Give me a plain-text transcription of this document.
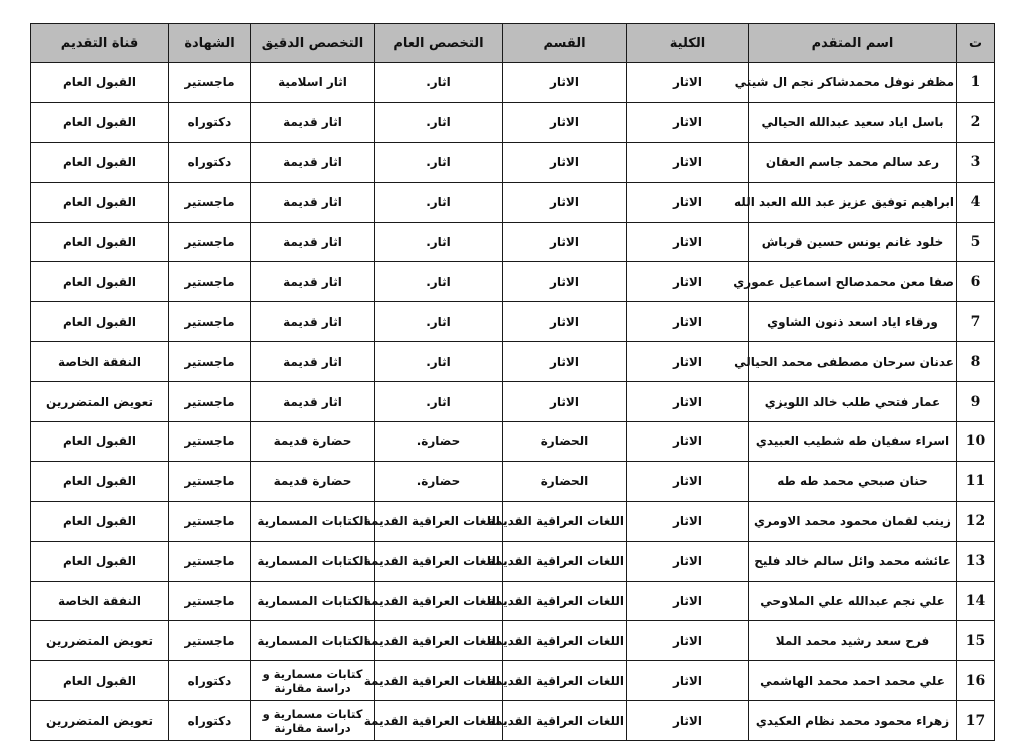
ت	اسم المتقدم	الكلية	القسم	التخصص العام	التخصص الدقيق	الشهادة	قناة التقديم
1	مظفر نوفل محمدشاكر نجم ال شيتي	الاثار	الاثار	اثار.	اثار اسلامية	ماجستير	القبول العام
2	باسل اياد سعيد عبدالله الحيالي	الاثار	الاثار	اثار.	اثار قديمة	دكتوراه	القبول العام
3	رعد سالم محمد جاسم العقان	الاثار	الاثار	اثار.	اثار قديمة	دكتوراه	القبول العام
4	ابراهيم توفيق عزيز عبد الله العبد الله	الاثار	الاثار	اثار.	اثار قديمة	ماجستير	القبول العام
5	خلود غانم يونس حسين قرباش	الاثار	الاثار	اثار.	اثار قديمة	ماجستير	القبول العام
6	صفا معن محمدصالح اسماعيل عموري	الاثار	الاثار	اثار.	اثار قديمة	ماجستير	القبول العام
7	ورقاء اياد اسعد ذنون الشاوي	الاثار	الاثار	اثار.	اثار قديمة	ماجستير	القبول العام
8	عدنان سرحان مصطفى محمد الحيالي	الاثار	الاثار	اثار.	اثار قديمة	ماجستير	النفقة الخاصة
9	عمار فتحي طلب خالد اللويزي	الاثار	الاثار	اثار.	اثار قديمة	ماجستير	تعويض المتضررين
10	اسراء سفيان طه شطيب العبيدي	الاثار	الحضارة	حضارة.	حضارة قديمة	ماجستير	القبول العام
11	حنان صبحي محمد طه طه	الاثار	الحضارة	حضارة.	حضارة قديمة	ماجستير	القبول العام
12	زينب لقمان محمود محمد الاومري	الاثار	اللغات العراقية القديمة	اللغات العراقية القديمة	الكتابات المسمارية	ماجستير	القبول العام
13	عائشه محمد وائل سالم خالد فليح	الاثار	اللغات العراقية القديمة	اللغات العراقية القديمة	الكتابات المسمارية	ماجستير	القبول العام
14	علي نجم عبدالله علي الملاوحي	الاثار	اللغات العراقية القديمة	اللغات العراقية القديمة	الكتابات المسمارية	ماجستير	النفقة الخاصة
15	فرح سعد رشيد محمد الملا	الاثار	اللغات العراقية القديمة	اللغات العراقية القديمة	الكتابات المسمارية	ماجستير	تعويض المتضررين
16	علي محمد احمد محمد الهاشمي	الاثار	اللغات العراقية القديمة	اللغات العراقية القديمة	كتابات مسمارية و دراسة مقارنة	دكتوراه	القبول العام
17	زهراء محمود محمد نظام العكيدي	الاثار	اللغات العراقية القديمة	اللغات العراقية القديمة	كتابات مسمارية و دراسة مقارنة	دكتوراه	تعويض المتضررين
